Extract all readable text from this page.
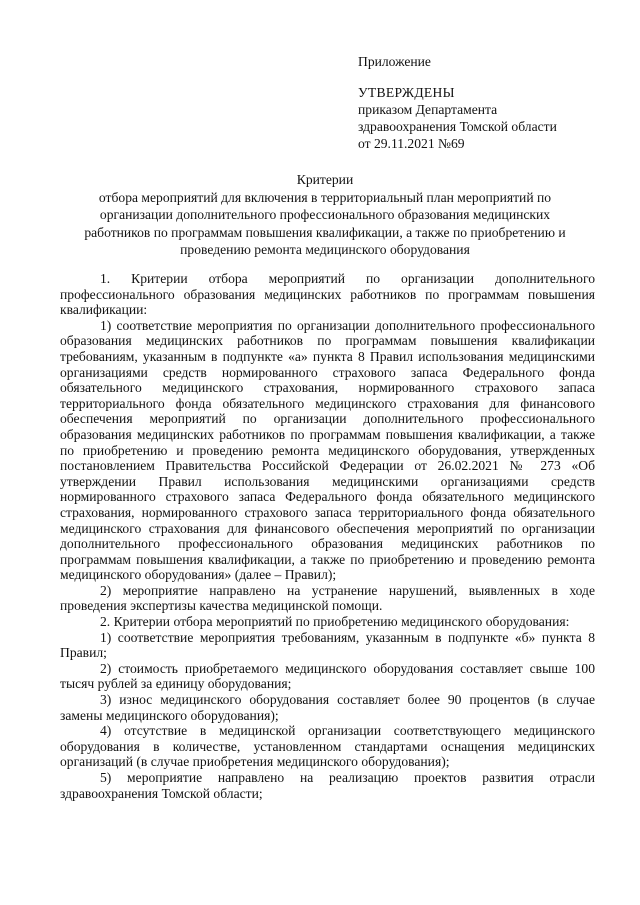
Приложение
УТВЕРЖДЕНЫ
приказом Департамента
здравоохранения Томской области
от 29.11.2021 №69
Критерии
отбора мероприятий для включения в территориальный план мероприятий по
организации дополнительного профессионального образования медицинских
работников по программам повышения квалификации, а также по приобретению и
проведению ремонта медицинского оборудования

1. Критерии отбора мероприятий по организации дополнительного профессионального образования медицинских работников по программам повышения квалификации:

1) соответствие мероприятия по организации дополнительного профессионального образования медицинских работников по программам повышения квалификации требованиям, указанным в подпункте «а» пункта 8 Правил использования медицинскими организациями средств нормированного страхового запаса Федерального фонда обязательного медицинского страхования, нормированного страхового запаса территориального фонда обязательного медицинского страхования для финансового обеспечения мероприятий по организации дополнительного профессионального образования медицинских работников по программам повышения квалификации, а также по приобретению и проведению ремонта медицинского оборудования, утвержденных постановлением Правительства Российской Федерации от 26.02.2021 № 273 «Об утверждении Правил использования медицинскими организациями средств нормированного страхового запаса Федерального фонда обязательного медицинского страхования, нормированного страхового запаса территориального фонда обязательного медицинского страхования для финансового обеспечения мероприятий по организации дополнительного профессионального образования медицинских работников по программам повышения квалификации, а также по приобретению и проведению ремонта медицинского оборудования» (далее – Правил);

2) мероприятие направлено на устранение нарушений, выявленных в ходе проведения экспертизы качества медицинской помощи.

2. Критерии отбора мероприятий по приобретению медицинского оборудования:

1) соответствие мероприятия требованиям, указанным в подпункте «б» пункта 8 Правил;

2) стоимость приобретаемого медицинского оборудования составляет свыше 100 тысяч рублей за единицу оборудования;

3) износ медицинского оборудования составляет более 90 процентов (в случае замены медицинского оборудования);

4) отсутствие в медицинской организации соответствующего медицинского оборудования в количестве, установленном стандартами оснащения медицинских организаций (в случае приобретения медицинского оборудования);

5) мероприятие направлено на реализацию проектов развития отрасли здравоохранения Томской области;
